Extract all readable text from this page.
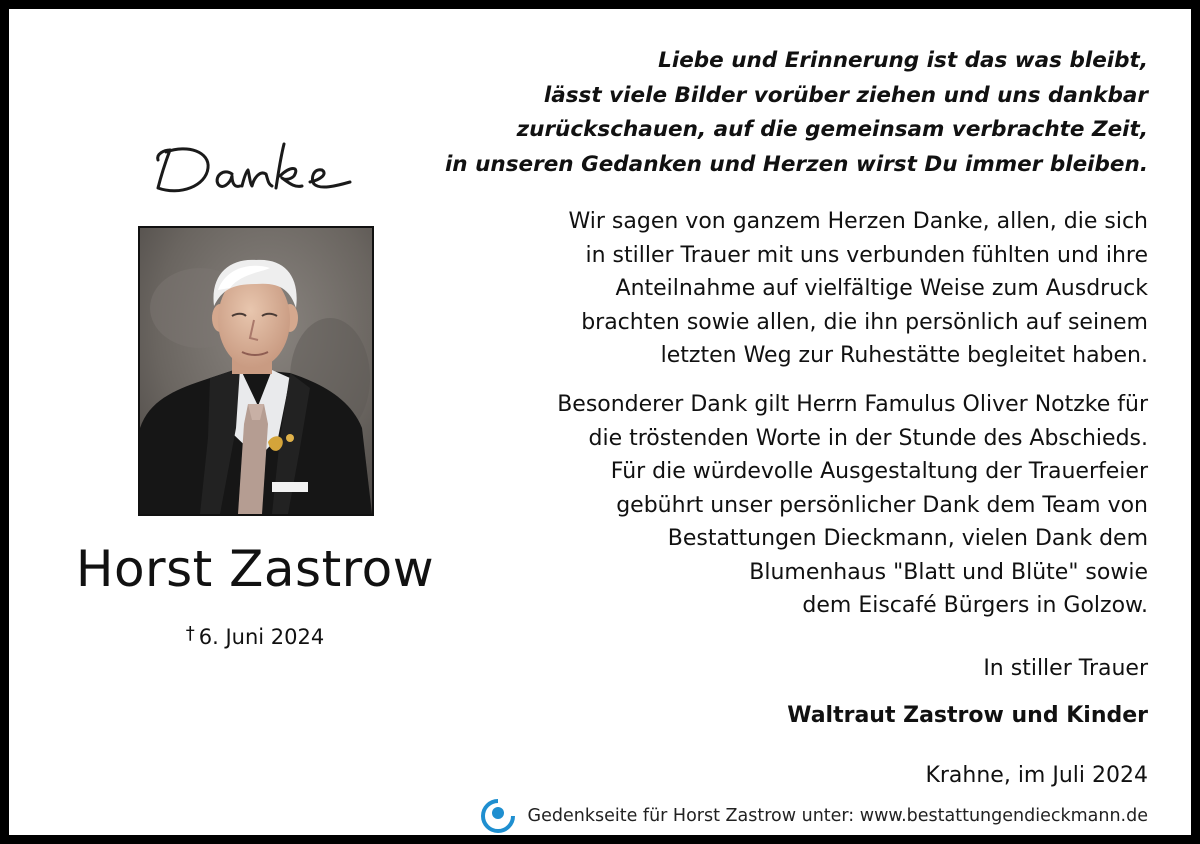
Horst Zastrow
† 6. Juni 2024
Liebe und Erinnerung ist das was bleibt,
lässt viele Bilder vorüber ziehen und uns dankbar
zurückschauen, auf die gemeinsam verbrachte Zeit,
in unseren Gedanken und Herzen wirst Du immer bleiben.
Wir sagen von ganzem Herzen Danke, allen, die sich
in stiller Trauer mit uns verbunden fühlten und ihre
Anteilnahme auf vielfältige Weise zum Ausdruck
brachten sowie allen, die ihn persönlich auf seinem
letzten Weg zur Ruhestätte begleitet haben.
Besonderer Dank gilt Herrn Famulus Oliver Notzke für
die tröstenden Worte in der Stunde des Abschieds.
Für die würdevolle Ausgestaltung der Trauerfeier
gebührt unser persönlicher Dank dem Team von
Bestattungen Dieckmann, vielen Dank dem
Blumenhaus "Blatt und Blüte" sowie
dem Eiscafé Bürgers in Golzow.
In stiller Trauer
Waltraut Zastrow und Kinder
Krahne, im Juli 2024
Gedenkseite für Horst Zastrow unter: www.bestattungendieckmann.de
